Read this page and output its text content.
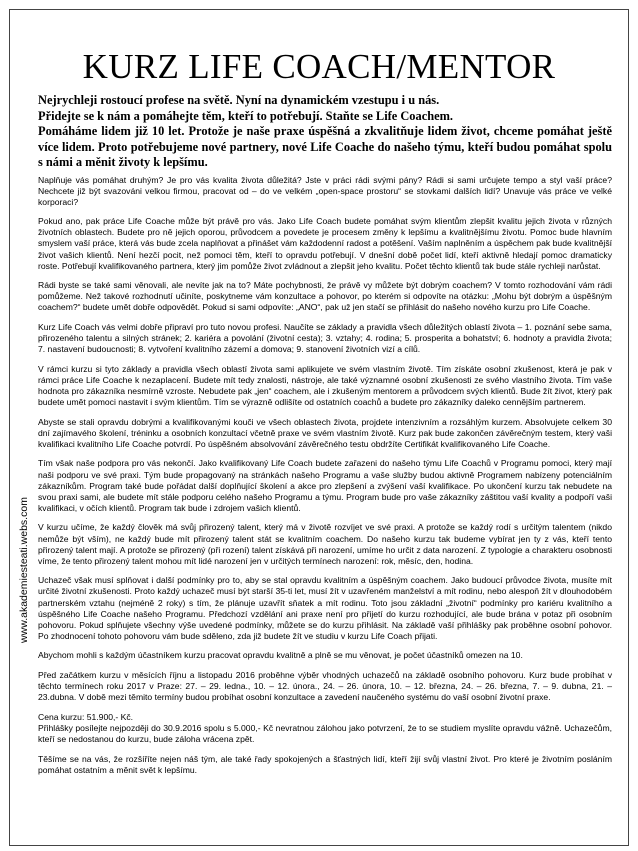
KURZ LIFE COACH/MENTOR
www.akademiesteati.webs.com

Nejrychleji rostoucí profese na světě. Nyní na dynamickém vzestupu i u nás.

Přidejte se k nám a pomáhejte těm, kteří to potřebují. Staňte se Life Coachem.

Pomáháme lidem již 10 let. Protože je naše praxe úspěšná a zkvalitňuje lidem život, chceme pomáhat ještě více lidem. Proto potřebujeme nové partnery, nové Life Coache do našeho týmu, kteří budou pomáhat spolu s námi a měnit životy k lepšímu.

Naplňuje vás pomáhat druhým? Je pro vás kvalita života důležitá? Jste v práci rádi svými pány? Rádi si sami určujete tempo a styl vaší práce? Nechcete již být svazováni velkou firmou, pracovat od – do ve velkém „open-space prostoru“ se stovkami dalších lidí? Unavuje vás práce ve velké korporaci?

Pokud ano, pak práce Life Coache může být právě pro vás. Jako Life Coach budete pomáhat svým klientům zlepšit kvalitu jejich života v různých životních oblastech. Budete pro ně jejich oporou, průvodcem a povedete je procesem změny k lepšímu a kvalitnějšímu životu. Pomoc bude hlavním smyslem vaší práce, která vás bude zcela naplňovat a přinášet vám každodenní radost a potěšení. Vaším naplněním a úspěchem pak bude kvalitnější život vašich klientů. Není hezčí pocit, než pomoci těm, kteří to opravdu potřebují. V dnešní době počet lidí, kteří aktivně hledají pomoc dramaticky roste. Potřebují kvalifikovaného partnera, který jim pomůže život zvládnout a zlepšit jeho kvalitu. Počet těchto klientů tak bude stále rychleji narůstat.

Rádi byste se také sami věnovali, ale nevíte jak na to? Máte pochybnosti, že právě vy můžete být dobrým coachem? V tomto rozhodování vám rádi pomůžeme. Než takové rozhodnutí učiníte, poskytneme vám konzultace a pohovor, po kterém si odpovíte na otázku: „Mohu být dobrým a úspěšným coachem?“ budete umět dobře odpovědět. Pokud si sami odpovíte: „ANO“, pak už jen stačí se přihlásit do našeho nového kurzu pro Life Coache.

Kurz Life Coach vás velmi dobře připraví pro tuto novou profesi. Naučíte se základy a pravidla všech důležitých oblastí života – 1. poznání sebe sama, přirozeného talentu a silných stránek; 2. kariéra a povolání (životní cesta); 3. vztahy; 4. rodina; 5. prosperita a bohatství; 6. hodnoty a pravidla života; 7. nastavení budoucnosti; 8. vytvoření kvalitního zázemí a domova; 9. stanovení životních vizí a cílů.

V rámci kurzu si tyto základy a pravidla všech oblastí života sami aplikujete ve svém vlastním životě. Tím získáte osobní zkušenost, která je pak v rámci práce Life Coache k nezaplacení. Budete mít tedy znalosti, nástroje, ale také významné osobní zkušenosti ze svého vlastního života. Tím vaše hodnota pro zákazníka nesmírně vzroste. Nebudete pak „jen“ coachem, ale i zkušeným mentorem a průvodcem svých klientů. Bude žít život, který pak budete umět pomoci nastavit i svým klientům. Tím se výrazně odlišíte od ostatních coachů a budete pro zákazníky daleko cennějším partnerem.

Abyste se stali opravdu dobrými a kvalifikovanými kouči ve všech oblastech života, projdete intenzivním a rozsáhlým kurzem. Absolvujete celkem 30 dní zajímavého školení, tréninku a osobních konzultací včetně praxe ve svém vlastním životě. Kurz pak bude zakončen závěrečným testem, který vaši kvalifikaci kvalitního Life Coache potvrdí. Po úspěšném absolvování závěrečného testu obdržíte Certifikát kvalifikovaného Life Coache.

Tím však naše podpora pro vás nekončí. Jako kvalifikovaný Life Coach budete zařazeni do našeho týmu Life Coachů v Programu pomoci, který mají naši podporu ve své praxi. Tým bude propagovaný na stránkách našeho Programu a vaše služby budou aktivně Programem nabízeny potenciálním zákazníkům. Program také bude pořádat další doplňující školení a akce pro zlepšení a zvýšení vaší kvalifikace. Po ukončení kurzu tak nebudete na svou praxi sami, ale budete mít stále podporu celého našeho Programu a týmu. Program bude pro vaše zákazníky záštitou vaší kvality a podpoří vaši kvalifikaci, v očích klientů. Program tak bude i zdrojem vašich klientů.

V kurzu učíme, že každý člověk má svůj přirozený talent, který má v životě rozvíjet ve své praxi. A protože se každý rodí s určitým talentem (nikdo nemůže být vším), ne každý bude mít přirozený talent stát se kvalitním coachem. Do našeho kurzu tak budeme vybírat jen ty z vás, kteří tento přirozený talent mají. A protože se přirozený (při rození) talent získává při narození, umíme ho určit z data narození. Z typologie a charakteru osobnosti víme, že tento přirozený talent mohou mít lidé narození jen v určitých termínech narození: rok, měsíc, den, hodina.

Uchazeč však musí splňovat i další podmínky pro to, aby se stal opravdu kvalitním a úspěšným coachem. Jako budoucí průvodce života, musíte mít určité životní zkušenosti. Proto každý uchazeč musí být starší 35-ti let, musí žít v uzavřeném manželství a mít rodinu, nebo alespoň žít v dlouhodobém partnerském vztahu (nejméně 2 roky) s tím, že plánuje uzavřít sňatek a mít rodinu. Toto jsou základní „životní“ podmínky pro kariéru kvalitního a úspěšného Life Coache našeho Programu. Předchozí vzdělání ani praxe není pro přijetí do kurzu rozhodující, ale bude brána v potaz při osobním pohovoru. Pokud splňujete všechny výše uvedené podmínky, můžete se do kurzu přihlásit. Na základě vaší přihlášky pak proběhne osobní pohovor. Po zhodnocení tohoto pohovoru vám bude sděleno, zda již budete žít ve studiu v kurzu Life Coach přijati.

Abychom mohli s každým účastníkem kurzu pracovat opravdu kvalitně a plně se mu věnovat, je počet účastníků omezen na 10.

Před začátkem kurzu v měsících říjnu a listopadu 2016 proběhne výběr vhodných uchazečů na základě osobního pohovoru. Kurz bude probíhat v těchto termínech roku 2017 v Praze: 27. – 29. ledna., 10. – 12. února., 24. – 26. února, 10. – 12. března, 24. – 26. března, 7. – 9. dubna, 21. – 23.dubna. V době mezi těmito termíny budou probíhat osobní konzultace a zavedení naučeného systému do vaší osobní životní praxe.

Cena kurzu: 51.900,- Kč.
Přihlášky posílejte nejpozději do 30.9.2016 spolu s 5.000,- Kč nevratnou zálohou jako potvrzení, že to se studiem myslíte opravdu vážně. Uchazečům, kteří se nedostanou do kurzu, bude záloha vrácena zpět.

Těšíme se na vás, že rozšíříte nejen náš tým, ale také řady spokojených a šťastných lidí, kteří žijí svůj vlastní život. Pro které je životním posláním pomáhat ostatním a měnit svět k lepšímu.
